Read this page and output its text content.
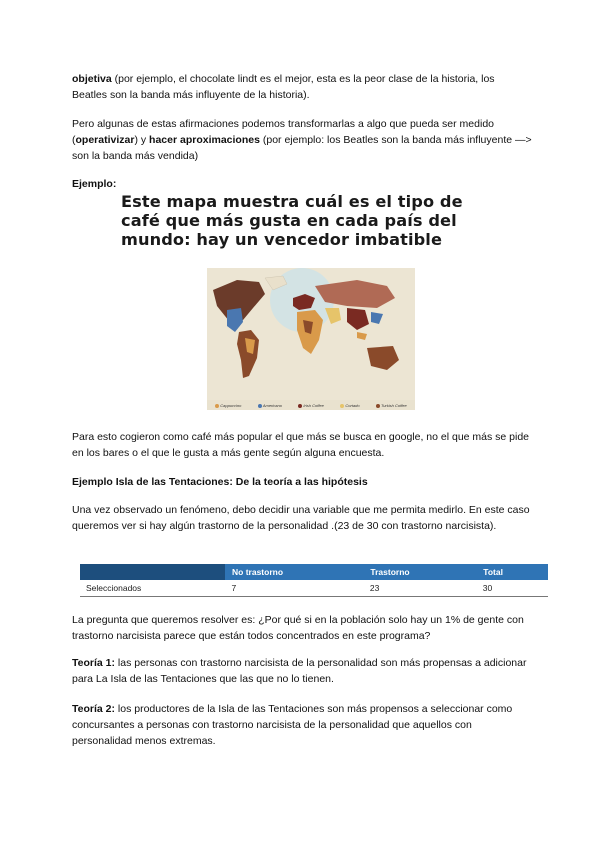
objetiva (por ejemplo, el chocolate lindt es el mejor, esta es la peor clase de la historia, los Beatles son la banda más influyente de la historia).
Pero algunas de estas afirmaciones podemos transformarlas a algo que pueda ser medido (operativizar) y hacer aproximaciones (por ejemplo: los Beatles son la banda más influyente —> son la banda más vendida)
Ejemplo:
Este mapa muestra cuál es el tipo de café que más gusta en cada país del mundo: hay un vencedor imbatible
Cappuccino	Americano	Irish Coffee	Cortado	Turkish Coffee
Para esto cogieron como café más popular el que más se busca en google, no el que más se pide en los bares o el que le gusta a más gente según alguna encuesta.
Ejemplo Isla de las Tentaciones: De la teoría a las hipótesis
Una vez observado un fenómeno, debo decidir una variable que me permita medirlo. En este caso queremos ver si hay algún trastorno de la personalidad .(23 de 30 con trastorno narcisista).
	No trastorno	Trastorno	Total
Seleccionados	7	23	30
La pregunta que queremos resolver es: ¿Por qué si en la población solo hay un 1% de gente con trastorno narcisista parece que están todos concentrados en este programa?
Teoría 1: las personas con trastorno narcisista de la personalidad son más propensas a adicionar para La Isla de las Tentaciones que las que no lo tienen.
Teoría 2: los productores de la Isla de las Tentaciones son más propensos a seleccionar como concursantes a personas con trastorno narcisista de la personalidad que aquellos con personalidad menos extremas.
